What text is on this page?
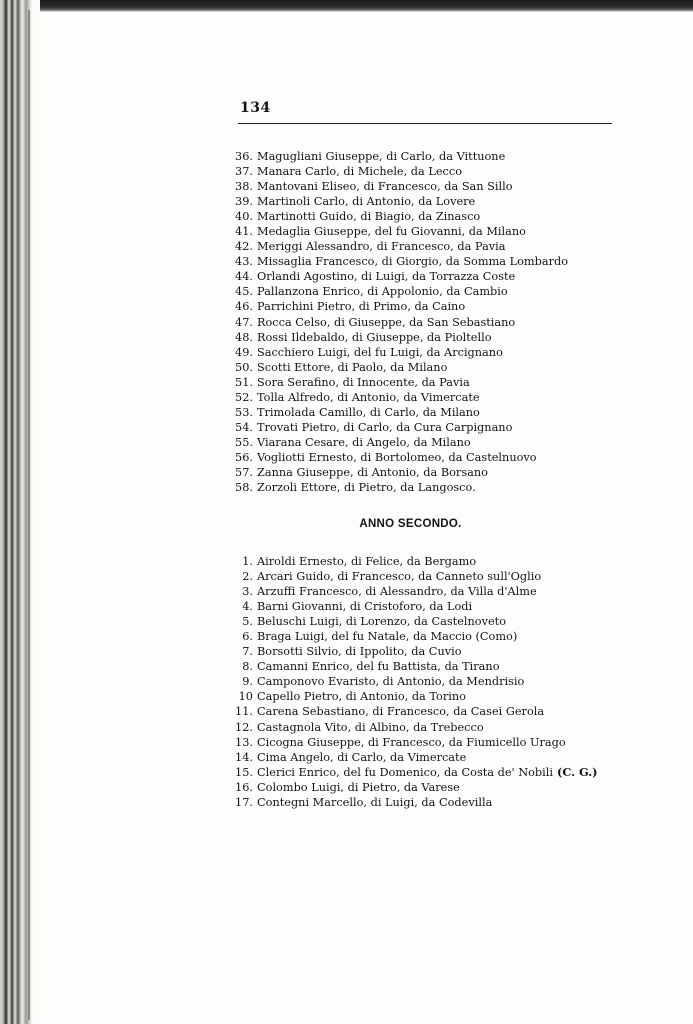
134
36. Magugliani Giuseppe, di Carlo, da Vittuone
37. Manara Carlo, di Michele, da Lecco
38. Mantovani Eliseo, di Francesco, da San Sillo
39. Martinoli Carlo, di Antonio, da Lovere
40. Martinotti Guido, di Biagio, da Zinasco
41. Medaglia Giuseppe, del fu Giovanni, da Milano
42. Meriggi Alessandro, di Francesco, da Pavia
43. Missaglia Francesco, di Giorgio, da Somma Lombardo
44. Orlandi Agostino, di Luigi, da Torrazza Coste
45. Pallanzona Enrico, di Appolonio, da Cambio
46. Parrichini Pietro, di Primo, da Caino
47. Rocca Celso, di Giuseppe, da San Sebastiano
48. Rossi Ildebaldo, di Giuseppe, da Pioltello
49. Sacchiero Luigi, del fu Luigi, da Arcignano
50. Scotti Ettore, di Paolo, da Milano
51. Sora Serafino, di Innocente, da Pavia
52. Tolla Alfredo, di Antonio, da Vimercate
53. Trimolada Camillo, di Carlo, da Milano
54. Trovati Pietro, di Carlo, da Cura Carpignano
55. Viarana Cesare, di Angelo, da Milano
56. Vogliotti Ernesto, di Bortolomeo, da Castelnuovo
57. Zanna Giuseppe, di Antonio, da Borsano
58. Zorzoli Ettore, di Pietro, da Langosco.
ANNO SECONDO.
1. Airoldi Ernesto, di Felice, da Bergamo
2. Arcari Guido, di Francesco, da Canneto sull'Oglio
3. Arzuffi Francesco, di Alessandro, da Villa d'Alme
4. Barni Giovanni, di Cristoforo, da Lodi
5. Beluschi Luigi, di Lorenzo, da Castelnoveto
6. Braga Luigi, del fu Natale, da Maccio (Como)
7. Borsotti Silvio, di Ippolito, da Cuvio
8. Camanni Enrico, del fu Battista, da Tirano
9. Camponovo Evaristo, di Antonio, da Mendrisio
10 Capello Pietro, di Antonio, da Torino
11. Carena Sebastiano, di Francesco, da Casei Gerola
12. Castagnola Vito, di Albino, da Trebecco
13. Cicogna Giuseppe, di Francesco, da Fiumicello Urago
14. Cima Angelo, di Carlo, da Vimercate
15. Clerici Enrico, del fu Domenico, da Costa de' Nobili (C. G.)
16. Colombo Luigi, di Pietro, da Varese
17. Contegni Marcello, di Luigi, da Codevilla
